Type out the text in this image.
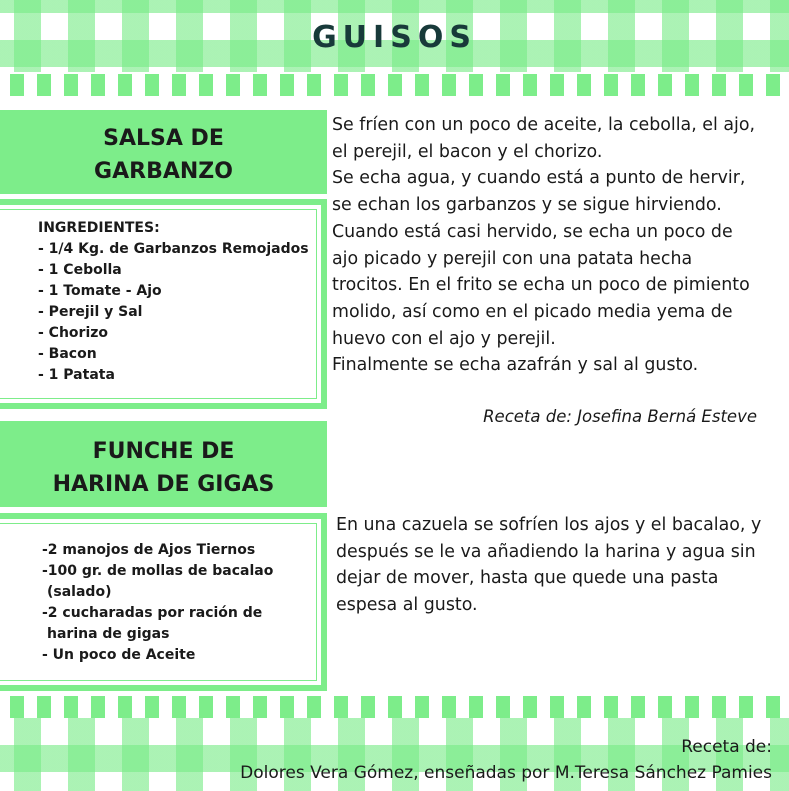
GUISOS
SALSA DE
GARBANZO
INGREDIENTES:
- 1/4 Kg. de Garbanzos Remojados
- 1 Cebolla
- 1 Tomate - Ajo
- Perejil y Sal
- Chorizo
- Bacon
- 1 Patata
Se fríen con un poco de aceite, la cebolla, el ajo,
el perejil, el bacon y el chorizo.
Se echa agua, y cuando está a punto de hervir,
se echan los garbanzos y se sigue hirviendo.
Cuando está casi hervido, se echa un poco de
ajo picado y perejil con una patata hecha
trocitos. En el frito se echa un poco de pimiento
molido, así como en el picado media yema de
huevo con el ajo y perejil.
Finalmente se echa azafrán y sal al gusto.
Receta de: Josefina Berná Esteve
FUNCHE DE
HARINA DE GIGAS
-2 manojos de Ajos Tiernos
-100 gr. de mollas de bacalao
(salado)
-2 cucharadas por ración de
harina de gigas
- Un poco de Aceite
En una cazuela se sofríen los ajos y el bacalao, y
después se le va añadiendo la harina y agua sin
dejar de mover, hasta que quede una pasta
espesa al gusto.
Receta de:
Dolores Vera Gómez, enseñadas por M.Teresa Sánchez Pamies
